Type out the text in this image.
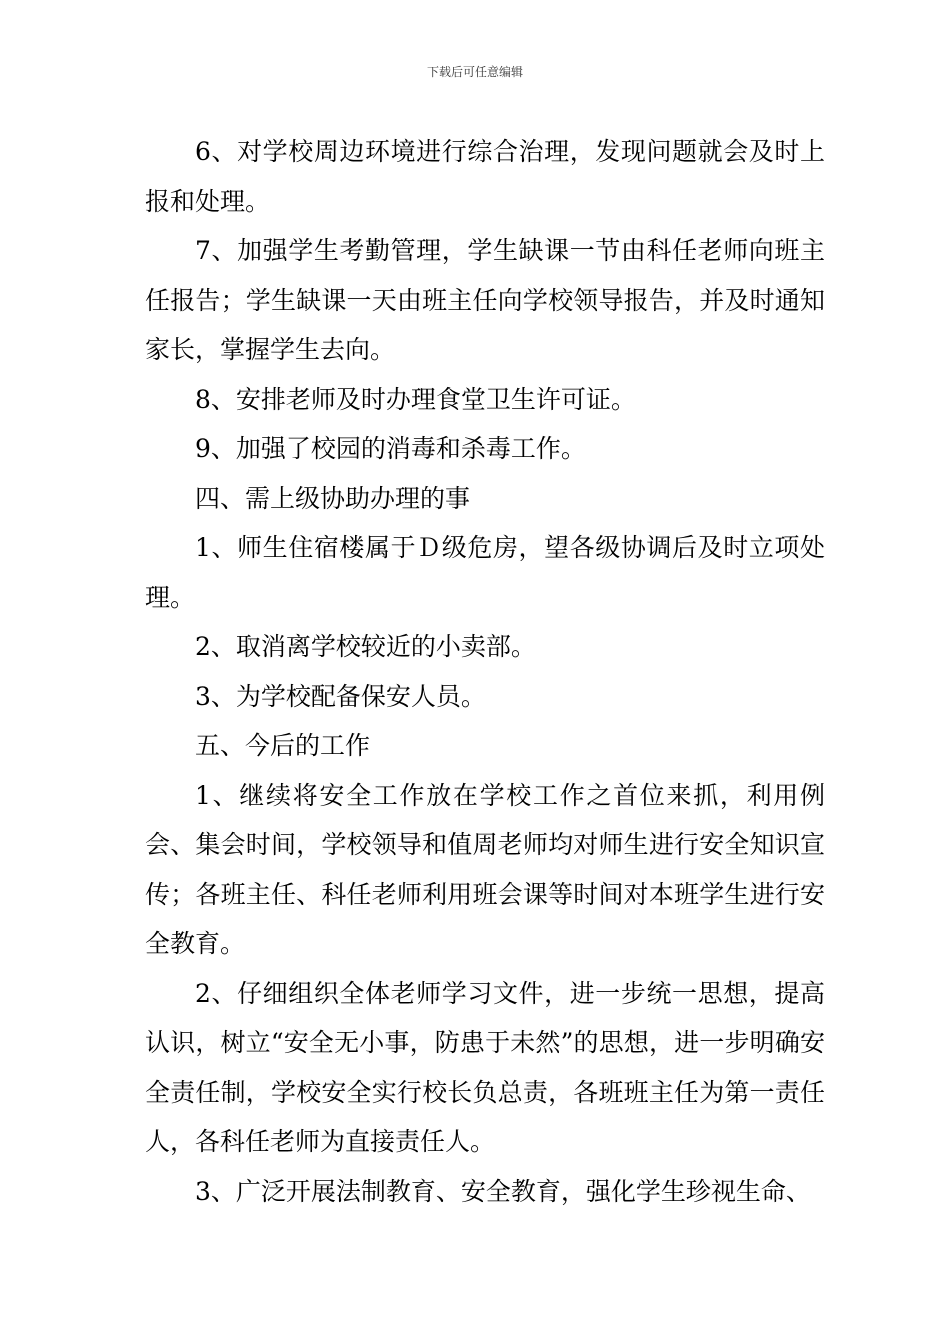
下载后可任意编辑

6、对学校周边环境进行综合治理，发现问题就会及时上报和处理。

7、加强学生考勤管理，学生缺课一节由科任老师向班主任报告；学生缺课一天由班主任向学校领导报告，并及时通知家长，掌握学生去向。

8、安排老师及时办理食堂卫生许可证。

9、加强了校园的消毒和杀毒工作。

四、需上级协助办理的事

1、师生住宿楼属于Ｄ级危房，望各级协调后及时立项处理。

2、取消离学校较近的小卖部。

3、为学校配备保安人员。

五、今后的工作

1、继续将安全工作放在学校工作之首位来抓，利用例会、集会时间，学校领导和值周老师均对师生进行安全知识宣传；各班主任、科任老师利用班会课等时间对本班学生进行安全教育。

2、仔细组织全体老师学习文件，进一步统一思想，提高认识，树立“安全无小事，防患于未然”的思想，进一步明确安全责任制，学校安全实行校长负总责，各班班主任为第一责任人，各科任老师为直接责任人。

3、广泛开展法制教育、安全教育，强化学生珍视生命、
